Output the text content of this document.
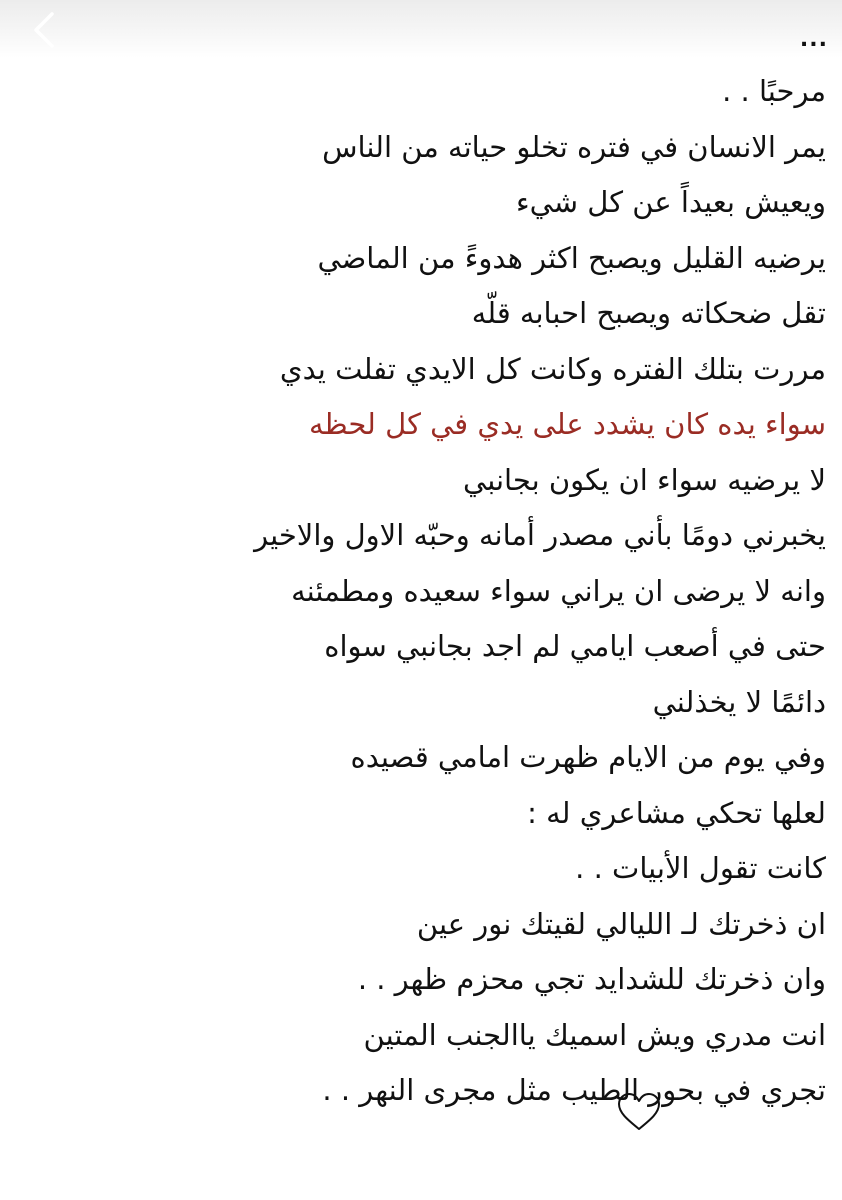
...
مرحبًا . .
يمر الانسان في فتره تخلو حياته من الناس
ويعيش بعيداً عن كل شيء
يرضيه القليل ويصبح اكثر هدوءً من الماضي
تقل ضحكاته ويصبح احبابه قلّه
مررت بتلك الفتره وكانت كل الايدي تفلت يدي
سواء يده كان يشدد على يدي في كل لحظه
لا يرضيه سواء ان يكون بجانبي
يخبرني دومًا بأني مصدر أمانه وحبّه الاول والاخير
وانه لا يرضى ان يراني سواء سعيده ومطمئنه
حتى في أصعب ايامي لم اجد بجانبي سواه
دائمًا لا يخذلني
وفي يوم من الايام ظهرت امامي قصيده
لعلها تحكي مشاعري له :
كانت تقول الأبيات . .
ان ذخرتك لـ الليالي لقيتك نور عين
وان ذخرتك للشدايد تجي محزم ظهر . .
انت مدري ويش اسميك ياالجنب المتين
تجري في بحور الطيب مثل مجرى النهر . .
